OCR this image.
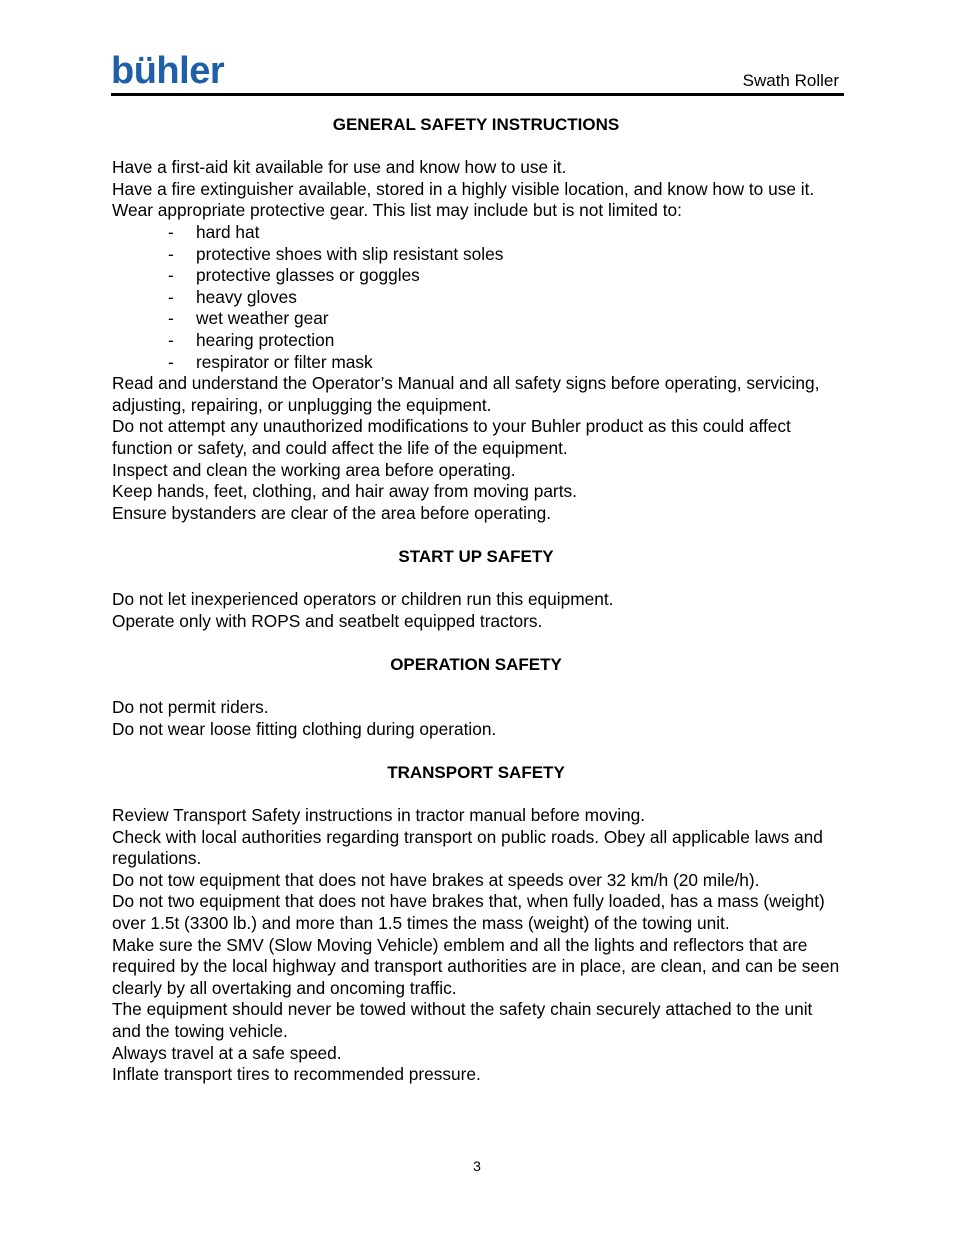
bühler	Swath Roller
GENERAL SAFETY INSTRUCTIONS

Have a first-aid kit available for use and know how to use it.

Have a fire extinguisher available, stored in a highly visible location, and know how to use it.

Wear appropriate protective gear. This list may include but is not limited to:

- hard hat
- protective shoes with slip resistant soles
- protective glasses or goggles
- heavy gloves
- wet weather gear
- hearing protection
- respirator or filter mask

Read and understand the Operator’s Manual and all safety signs before operating, servicing, adjusting, repairing, or unplugging the equipment.

Do not attempt any unauthorized modifications to your Buhler product as this could affect function or safety, and could affect the life of the equipment.

Inspect and clean the working area before operating.

Keep hands, feet, clothing, and hair away from moving parts.

Ensure bystanders are clear of the area before operating.

START UP SAFETY

Do not let inexperienced operators or children run this equipment.

Operate only with ROPS and seatbelt equipped tractors.

OPERATION SAFETY

Do not permit riders.

Do not wear loose fitting clothing during operation.

TRANSPORT SAFETY

Review Transport Safety instructions in tractor manual before moving.

Check with local authorities regarding transport on public roads. Obey all applicable laws and regulations.

Do not tow equipment that does not have brakes at speeds over 32 km/h (20 mile/h).

Do not two equipment that does not have brakes that, when fully loaded, has a mass (weight) over 1.5t (3300 lb.) and more than 1.5 times the mass (weight) of the towing unit.

Make sure the SMV (Slow Moving Vehicle) emblem and all the lights and reflectors that are required by the local highway and transport authorities are in place, are clean, and can be seen clearly by all overtaking and oncoming traffic.

The equipment should never be towed without the safety chain securely attached to the unit and the towing vehicle.

Always travel at a safe speed.

Inflate transport tires to recommended pressure.

3
